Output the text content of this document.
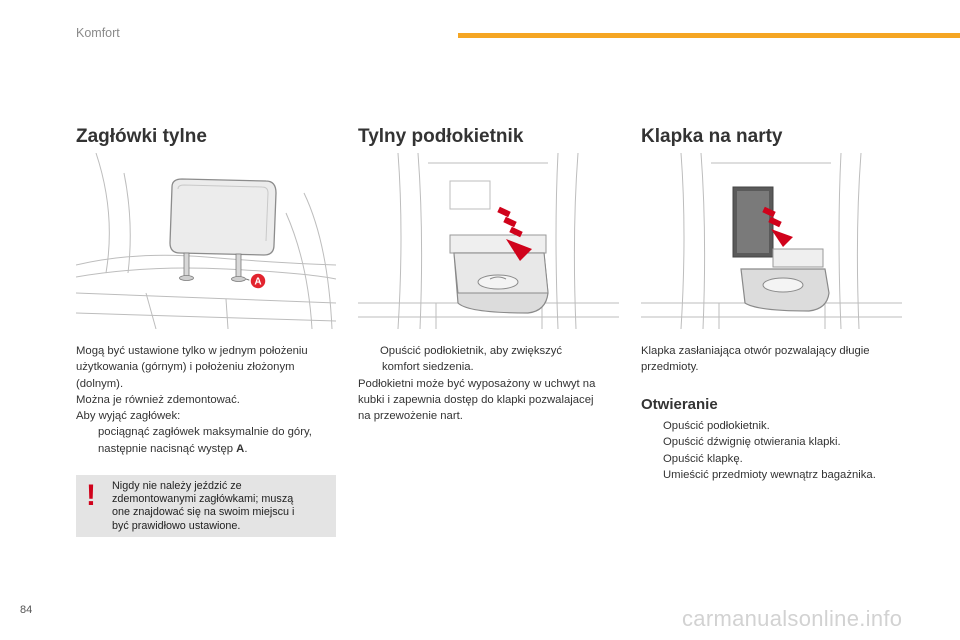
Komfort
Zagłówki tylne	Tylny podłokietnik	Klapka na narty
A

Mogą być ustawione tylko w jednym położeniu

użytkowania (górnym) i położeniu złożonym

(dolnym).

Można je również zdemontować.

Aby wyjąć zagłówek:

pociągnąć zagłówek maksymalnie do góry,

następnie nacisnąć występ A.

! Nigdy nie należy jeździć ze
zdemontowanymi zagłówkami; muszą
one znajdować się na swoim miejscu i
być prawidłowo ustawione.

Opuścić podłokietnik, aby zwiększyć

komfort siedzenia.

Podłokietni może być wyposażony w uchwyt na

kubki i zapewnia dostęp do klapki pozwalajacej

na przewożenie nart.

Klapka zasłaniająca otwór pozwalający długie

przedmioty.

Otwieranie

Opuścić podłokietnik.

Opuścić dźwignię otwierania klapki.

Opuścić klapkę.

Umieścić przedmioty wewnątrz bagażnika.

84	carmanualsonline.info
